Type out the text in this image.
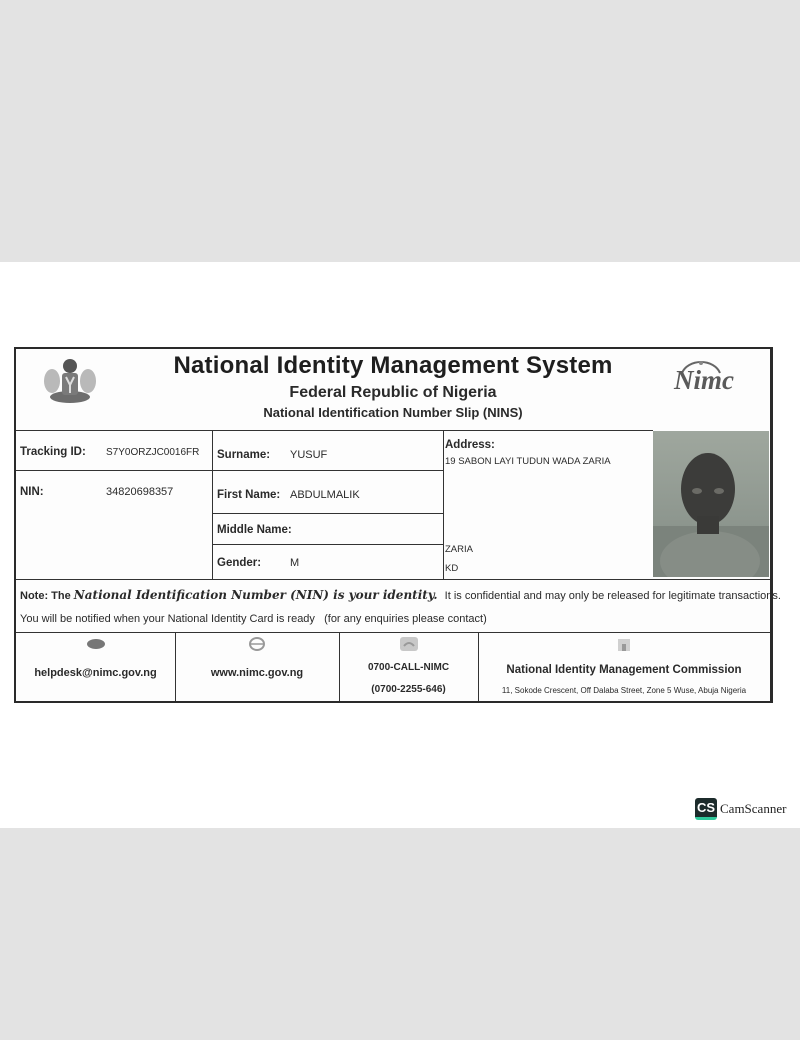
National Identity Management System
Federal Republic of Nigeria
National Identification Number Slip (NINS)
Nimc
Tracking ID: S7Y0ORZJC0016FR
NIN:	34820698357
Surname: YUSUF
First Name: ABDULMALIK
Middle Name:
Gender:	M
Address:
19 SABON LAYI TUDUN WADA ZARIA
ZARIA
KD
Note: The National Identification Number (NIN) is your identity. It is confidential and may only be released for legitimate transactions.
You will be notified when your National Identity Card is ready   (for any enquiries please contact)
helpdesk@nimc.gov.ng	www.nimc.gov.ng	0700-CALL-NIMC
(0700-2255-646)
National Identity Management Commission
11, Sokode Crescent, Off Dalaba Street, Zone 5 Wuse, Abuja Nigeria
CS CamScanner
